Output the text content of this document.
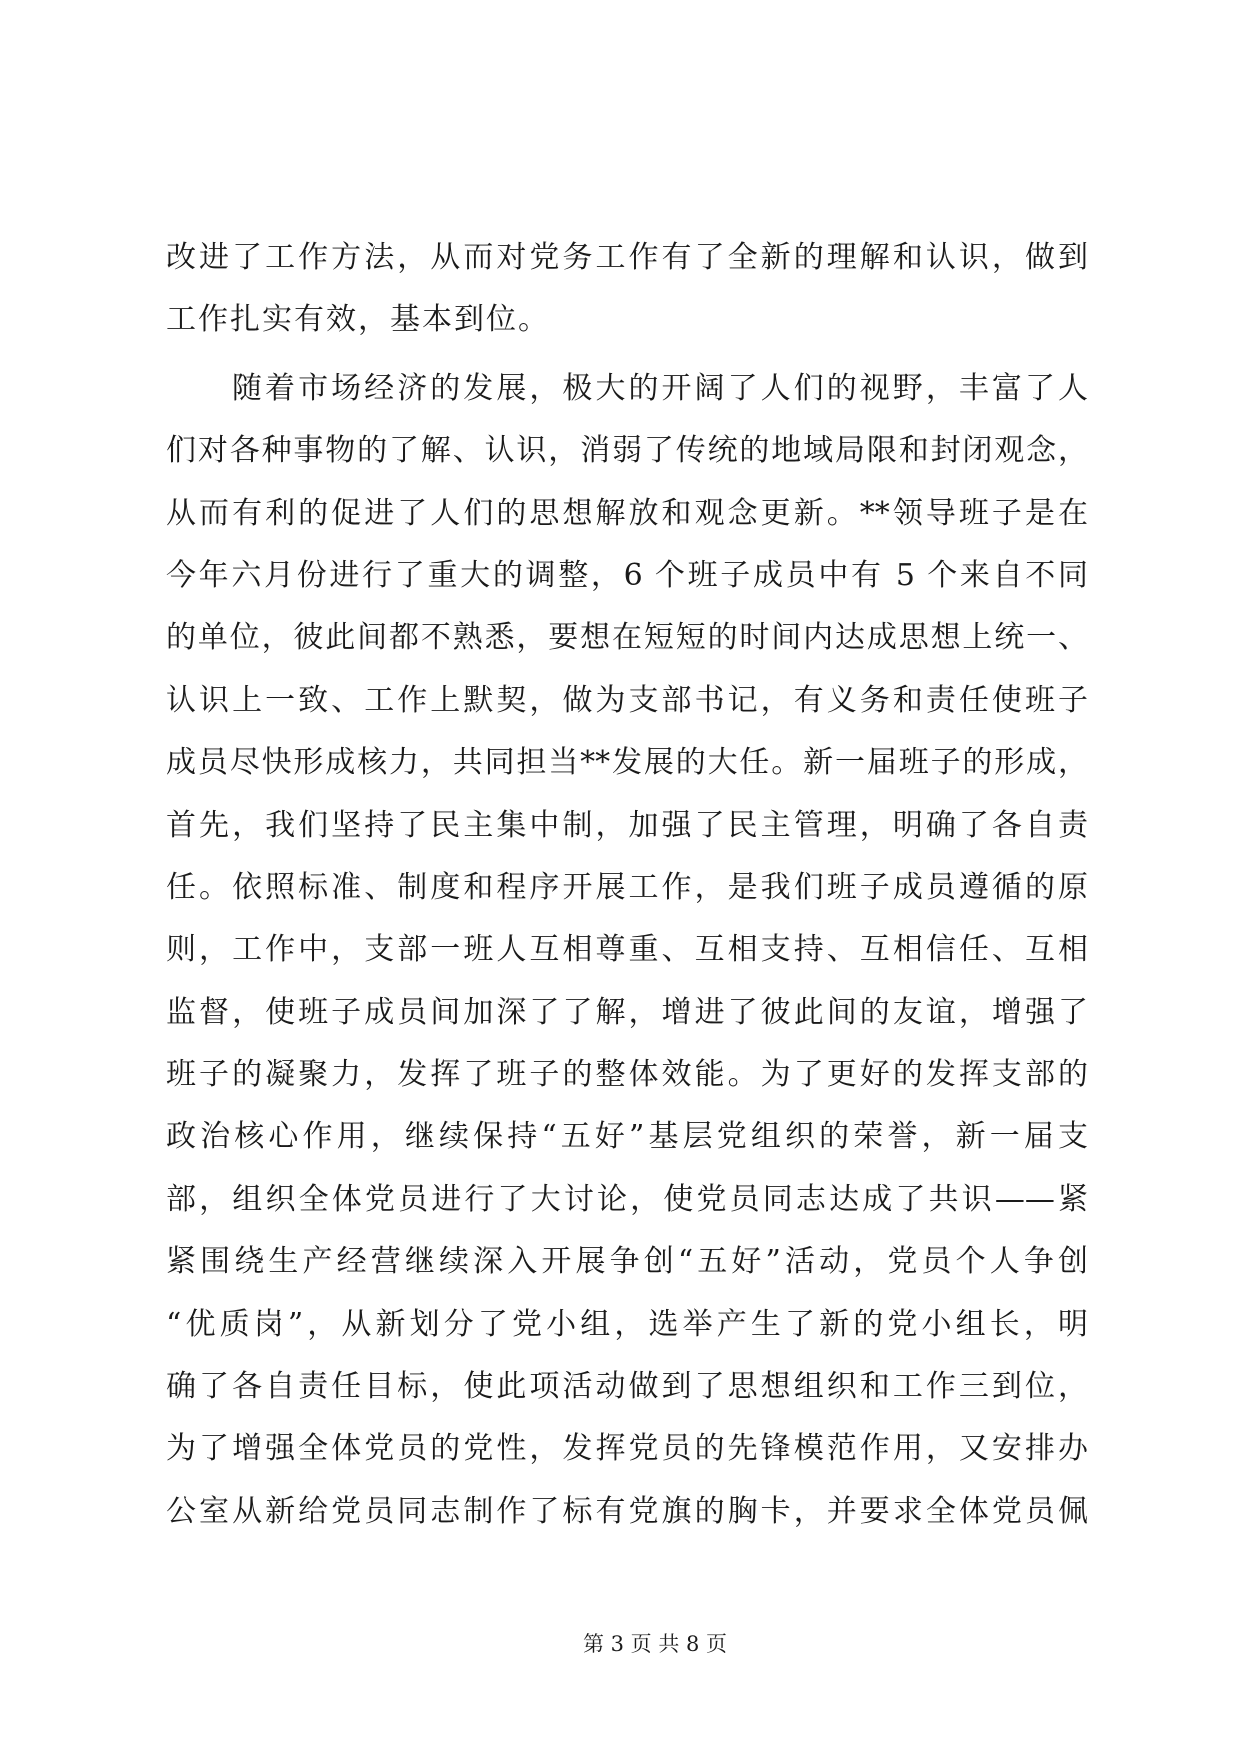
改进了工作方法，从而对党务工作有了全新的理解和认识，做到
工作扎实有效，基本到位。
随着市场经济的发展，极大的开阔了人们的视野，丰富了人
们对各种事物的了解、认识，消弱了传统的地域局限和封闭观念，
从而有利的促进了人们的思想解放和观念更新。**领导班子是在
今年六月份进行了重大的调整，6 个班子成员中有 5 个来自不同
的单位，彼此间都不熟悉，要想在短短的时间内达成思想上统一、
认识上一致、工作上默契，做为支部书记，有义务和责任使班子
成员尽快形成核力，共同担当**发展的大任。新一届班子的形成，
首先，我们坚持了民主集中制，加强了民主管理，明确了各自责
任。依照标准、制度和程序开展工作，是我们班子成员遵循的原
则，工作中，支部一班人互相尊重、互相支持、互相信任、互相
监督，使班子成员间加深了了解，增进了彼此间的友谊，增强了
班子的凝聚力，发挥了班子的整体效能。为了更好的发挥支部的
政治核心作用，继续保持“五好”基层党组织的荣誉，新一届支
部，组织全体党员进行了大讨论，使党员同志达成了共识——紧
紧围绕生产经营继续深入开展争创“五好”活动，党员个人争创
“优质岗”，从新划分了党小组，选举产生了新的党小组长，明
确了各自责任目标，使此项活动做到了思想组织和工作三到位，
为了增强全体党员的党性，发挥党员的先锋模范作用，又安排办
公室从新给党员同志制作了标有党旗的胸卡，并要求全体党员佩
第 3 页 共 8 页
